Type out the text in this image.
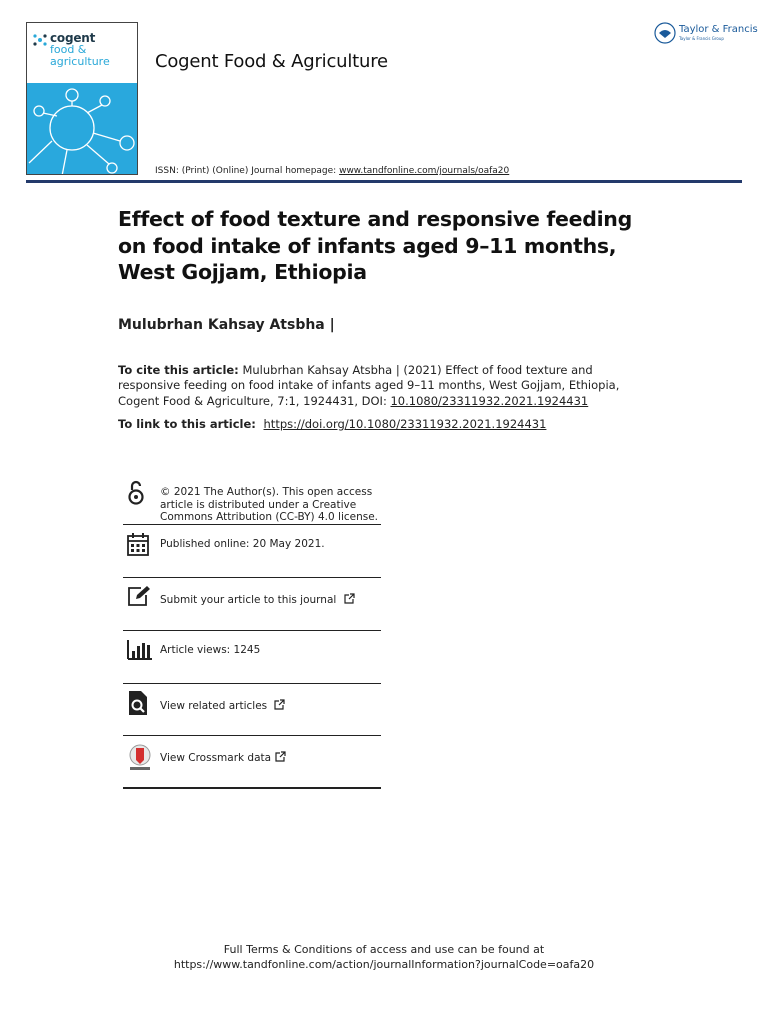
cogent
food &
agriculture	Cogent Food & Agriculture
Taylor & Francis
Taylor & Francis Group
ISSN: (Print) (Online) Journal homepage: www.tandfonline.com/journals/oafa20
Effect of food texture and responsive feeding on food intake of infants aged 9–11 months, West Gojjam, Ethiopia
Mulubrhan Kahsay Atsbha |
To cite this article: Mulubrhan Kahsay Atsbha | (2021) Effect of food texture and responsive feeding on food intake of infants aged 9–11 months, West Gojjam, Ethiopia, Cogent Food & Agriculture, 7:1, 1924431, DOI: 10.1080/23311932.2021.1924431
To link to this article:  https://doi.org/10.1080/23311932.2021.1924431
© 2021 The Author(s). This open access article is distributed under a Creative Commons Attribution (CC-BY) 4.0 license.
Published online: 20 May 2021.
Submit your article to this journal
Article views: 1245
View related articles
View Crossmark data
Full Terms & Conditions of access and use can be found at
https://www.tandfonline.com/action/journalInformation?journalCode=oafa20
